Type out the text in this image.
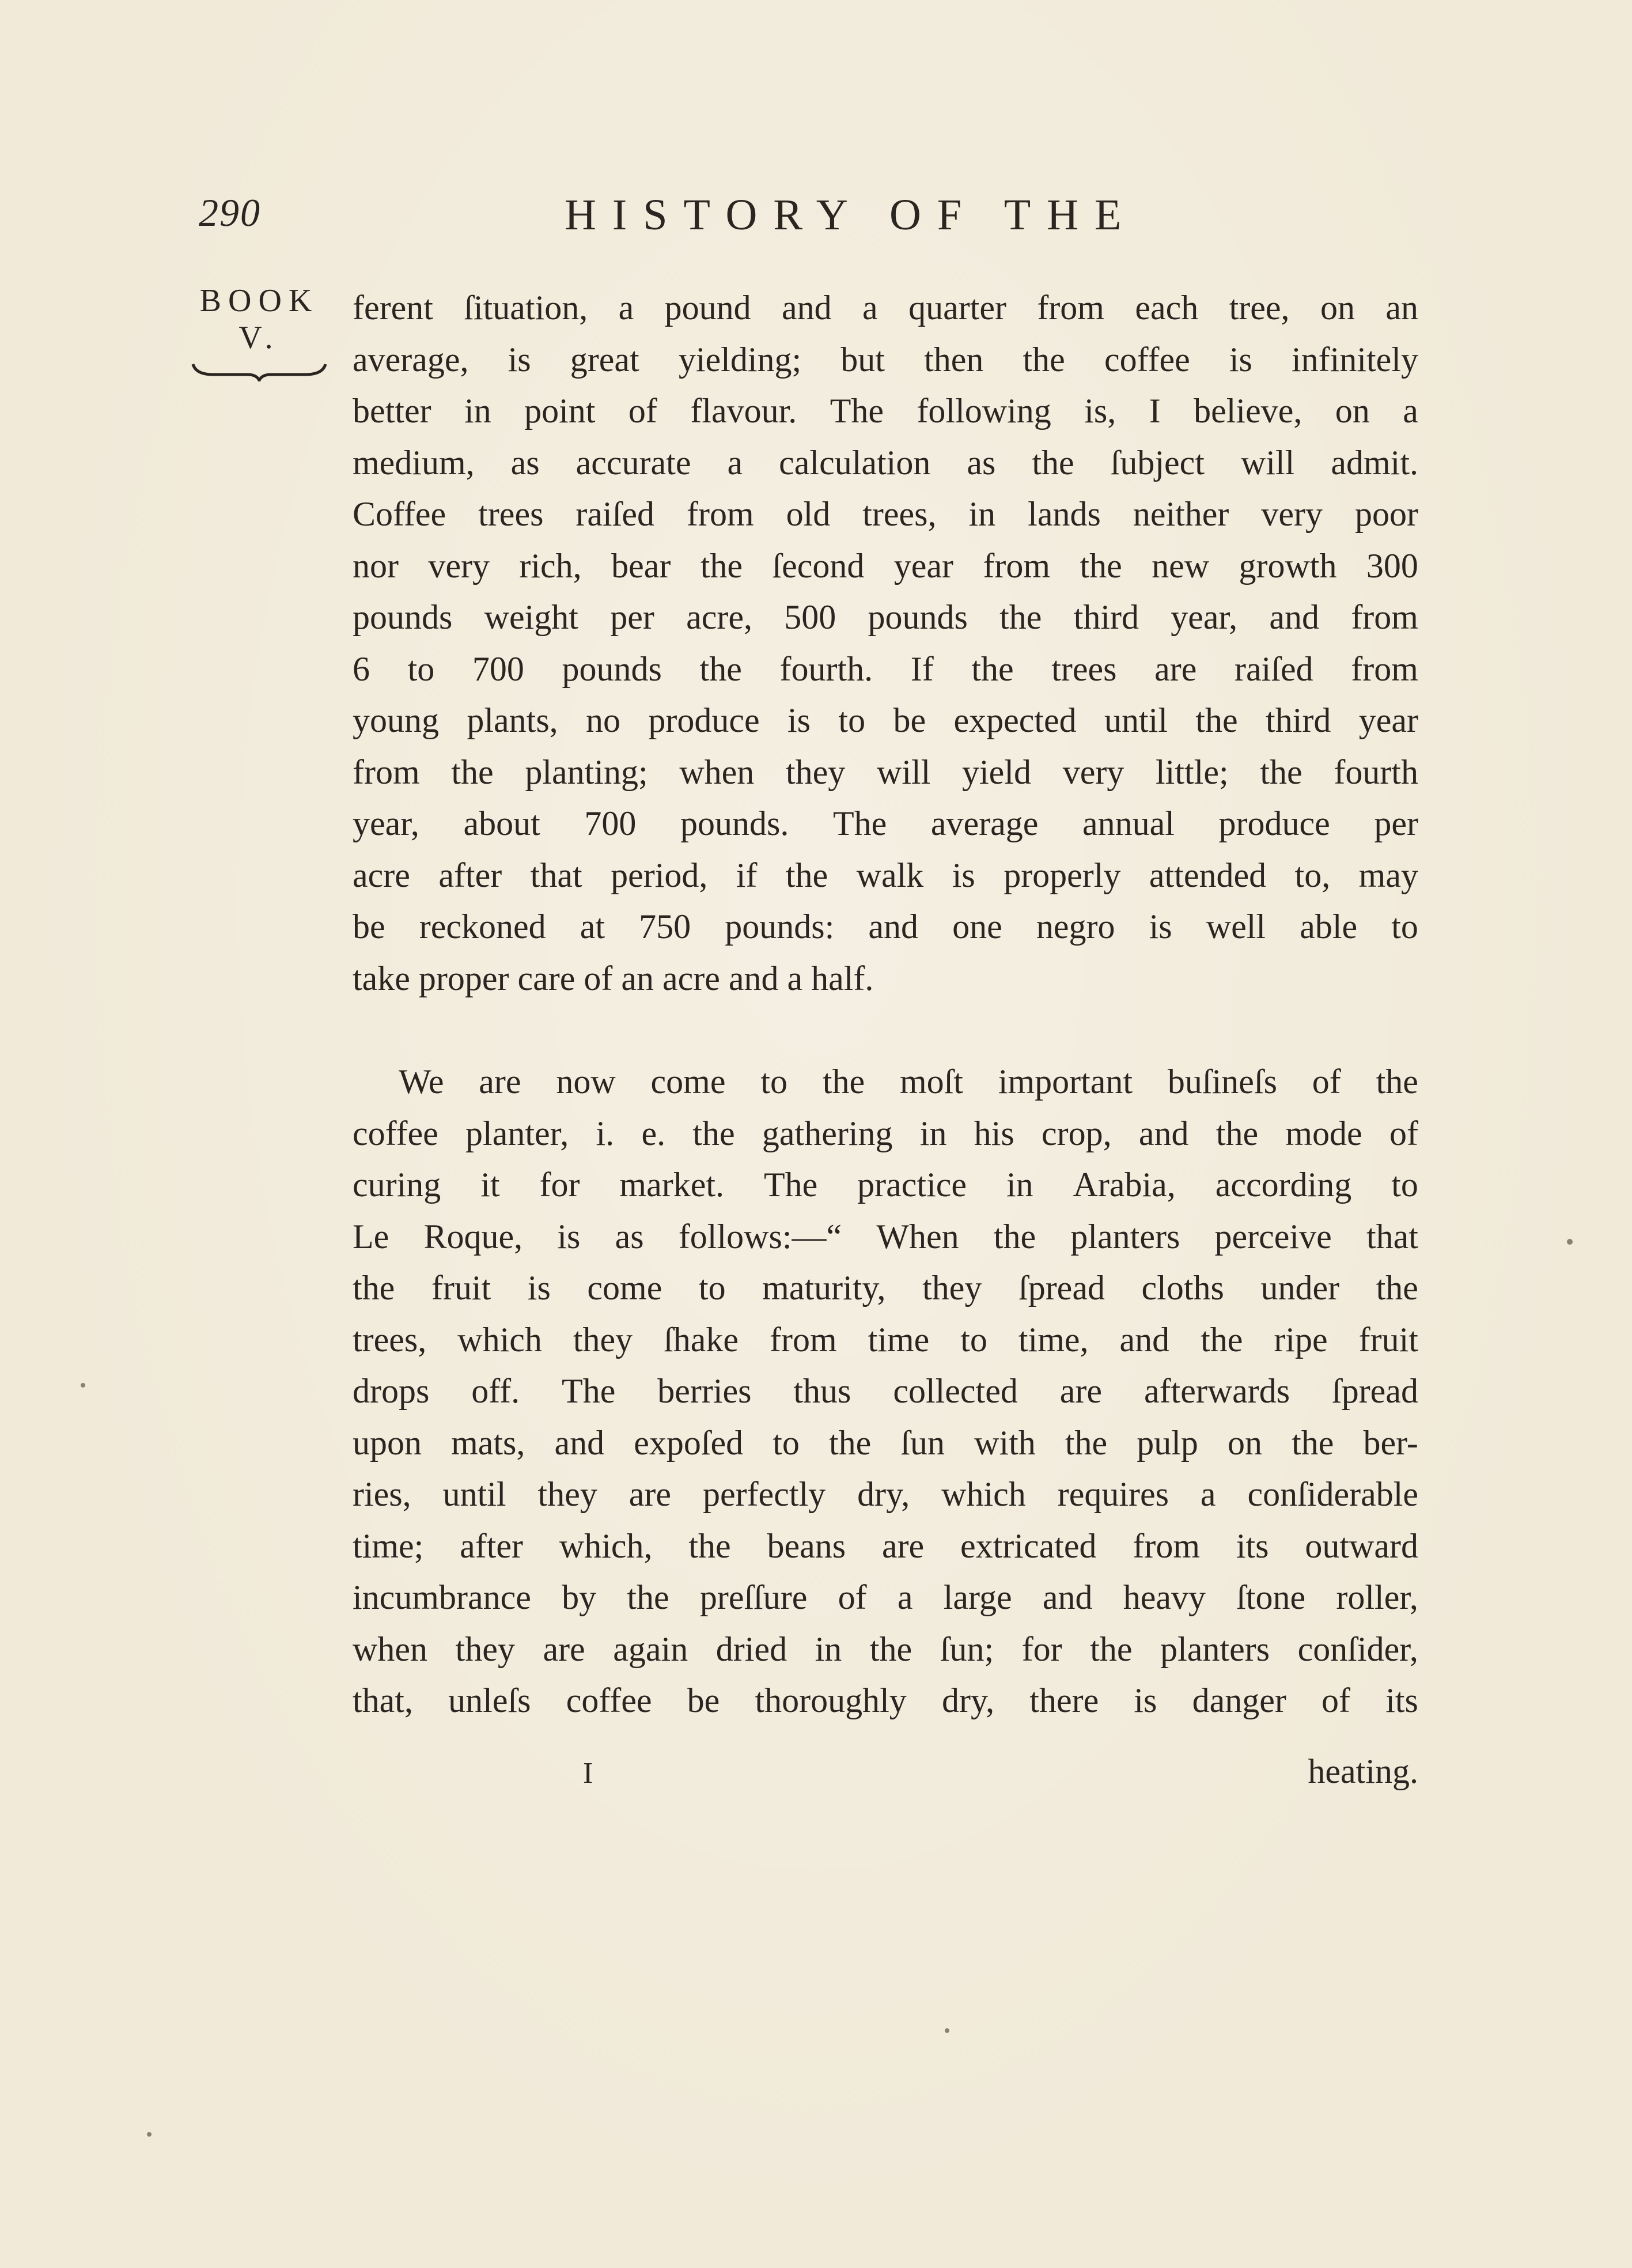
290	HISTORY OF THE
BOOK
V.
ferent ſituation, a pound and a quarter from each tree, on an
average, is great yielding; but then the coffee is infinitely
better in point of flavour. The following is, I believe, on a
medium, as accurate a calculation as the ſubject will admit.
Coffee trees raiſed from old trees, in lands neither very poor
nor very rich, bear the ſecond year from the new growth 300
pounds weight per acre, 500 pounds the third year, and from
6 to 700 pounds the fourth. If the trees are raiſed from
young plants, no produce is to be expected until the third year
from the planting; when they will yield very little; the fourth
year, about 700 pounds. The average annual produce per
acre after that period, if the walk is properly attended to, may
be reckoned at 750 pounds: and one negro is well able to
take proper care of an acre and a half.
We are now come to the moſt important buſineſs of the
coffee planter, i. e. the gathering in his crop, and the mode of
curing it for market. The practice in Arabia, according to
Le Roque, is as follows:—“ When the planters perceive that
the fruit is come to maturity, they ſpread cloths under the
trees, which they ſhake from time to time, and the ripe fruit
drops off. The berries thus collected are afterwards ſpread
upon mats, and expoſed to the ſun with the pulp on the ber-
ries, until they are perfectly dry, which requires a conſiderable
time; after which, the beans are extricated from its outward
incumbrance by the preſſure of a large and heavy ſtone roller,
when they are again dried in the ſun; for the planters conſider,
that, unleſs coffee be thoroughly dry, there is danger of its
I	heating.
